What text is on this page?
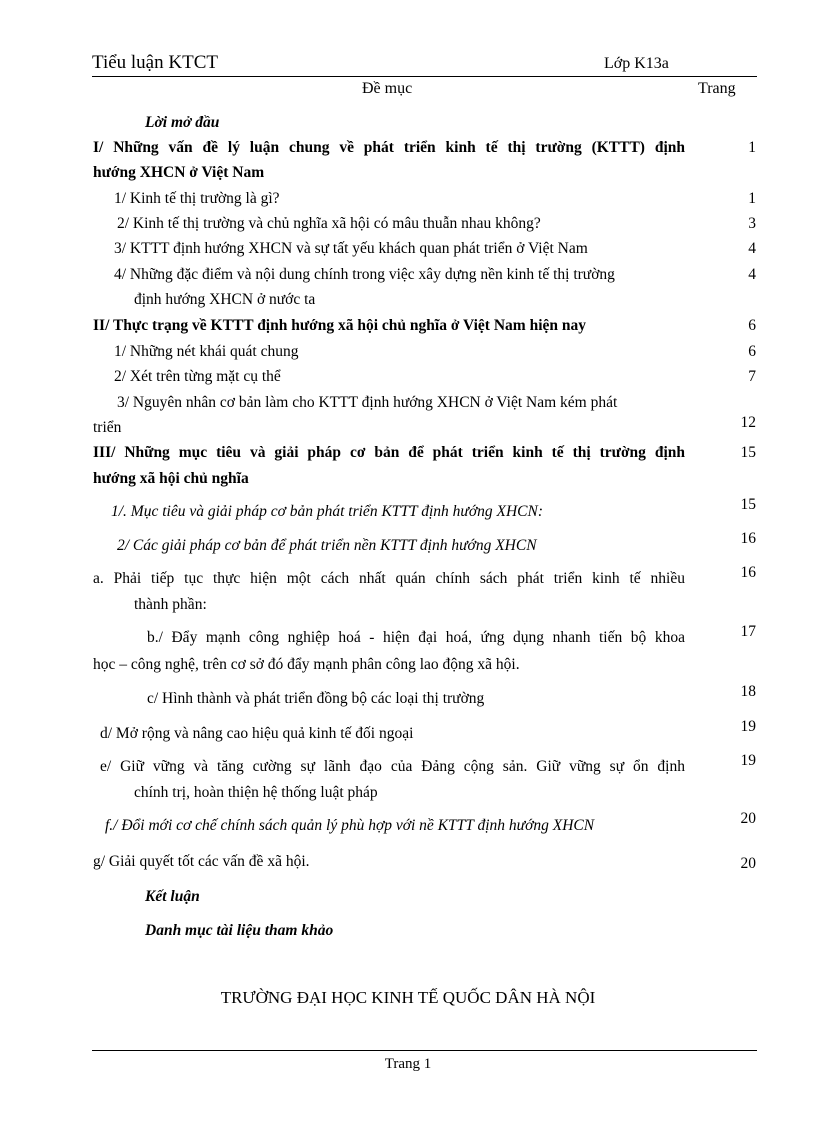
Tiểu luận KTCT	Lớp K13a
Đề mục	Trang
Lời mở đầu
I/ Những vấn đề lý luận chung về phát triển kinh tế thị trường (KTTT) định
hướng XHCN ở Việt Nam
1
1/ Kinh tế thị trường là gì?	1
2/ Kinh tế thị trường và chủ nghĩa xã hội có mâu thuẫn nhau không?	3
3/ KTTT định hướng XHCN và sự tất yếu khách quan phát triển ở Việt Nam	4
4/ Những đặc điểm và nội dung chính trong việc xây dựng nền kinh tế thị trường
định hướng XHCN ở nước ta
4
II/ Thực trạng về KTTT định hướng xã hội chủ nghĩa ở Việt Nam hiện nay	6
1/ Những nét khái quát chung	6
2/ Xét trên từng mặt cụ thể	7
3/ Nguyên nhân cơ bản làm cho KTTT định hướng XHCN ở Việt Nam kém phát
triển	12
III/ Những mục tiêu và giải pháp cơ bản để phát triển kinh tế thị trường định
hướng xã hội chủ nghĩa
15
1/. Mục tiêu và giải pháp cơ bản phát triển KTTT định hướng XHCN:	15
2/ Các giải pháp cơ bản để phát triển nền KTTT định hướng XHCN	16
a. Phải tiếp tục thực hiện một cách nhất quán chính sách phát triển kinh tế nhiều
thành phần:
16
b./ Đẩy mạnh công nghiệp hoá - hiện đại hoá, ứng dụng nhanh tiến bộ khoa
học – công nghệ, trên cơ sở đó đẩy mạnh phân công lao động xã hội.
17
c/ Hình thành và phát triển đồng bộ các loại thị trường	18
d/ Mở rộng và nâng cao hiệu quả kinh tế đối ngoại	19
e/ Giữ vững và tăng cường sự lãnh đạo của Đảng cộng sản. Giữ vững sự ổn định
chính trị, hoàn thiện hệ thống luật pháp
19
f./ Đổi mới cơ chế chính sách quản lý phù hợp với nề KTTT định hướng XHCN	20
g/ Giải quyết tốt các vấn đề xã hội.	20
Kết luận
Danh mục tài liệu tham khảo
TRƯỜNG ĐẠI HỌC KINH TẾ QUỐC DÂN HÀ NỘI
Trang 1
